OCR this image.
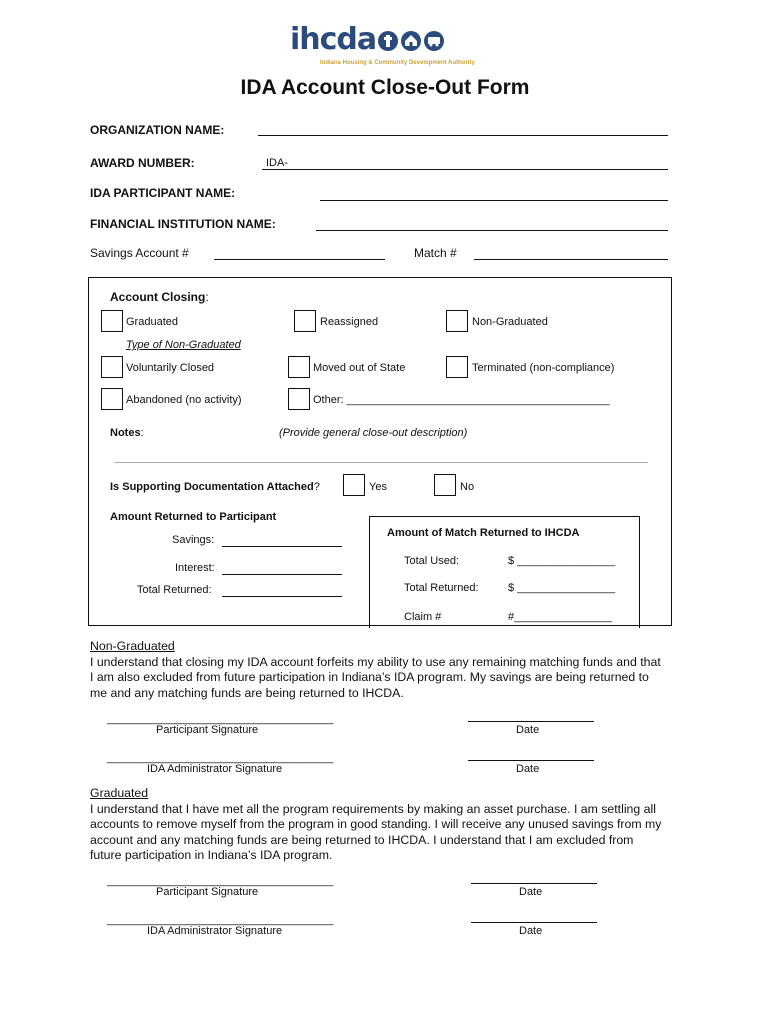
ihcda
Indiana Housing & Community Development Authority
IDA Account Close-Out Form
ORGANIZATION NAME:
AWARD NUMBER:	IDA-
IDA PARTICIPANT NAME:
FINANCIAL INSTITUTION NAME:
Savings Account #	Match #
Account Closing:
Graduated	Reassigned	Non-Graduated
Type of Non-Graduated
Voluntarily Closed	Moved out of State	Terminated (non-compliance)
Abandoned (no activity)	Other: ___________________________________________
Notes:	(Provide general close-out description)
Is Supporting Documentation Attached?	Yes	No
Amount Returned to Participant
Savings:
Interest:
Total Returned:
Amount of Match Returned to IHCDA
Total Used:	$ ________________
Total Returned:	$ ________________
Claim #	#________________
Non-Graduated
I understand that closing my IDA account forfeits my ability to use any remaining matching funds and that
I am also excluded from future participation in Indiana’s IDA program. My savings are being returned to
me and any matching funds are being returned to IHCDA.
_____________________________________
Participant Signature	Date
_____________________________________
IDA Administrator Signature	Date
Graduated
I understand that I have met all the program requirements by making an asset purchase. I am settling all
accounts to remove myself from the program in good standing. I will receive any unused savings from my
account and any matching funds are being returned to IHCDA. I understand that I am excluded from
future participation in Indiana’s IDA program.
_____________________________________
Participant Signature	Date
_____________________________________
IDA Administrator Signature	Date
